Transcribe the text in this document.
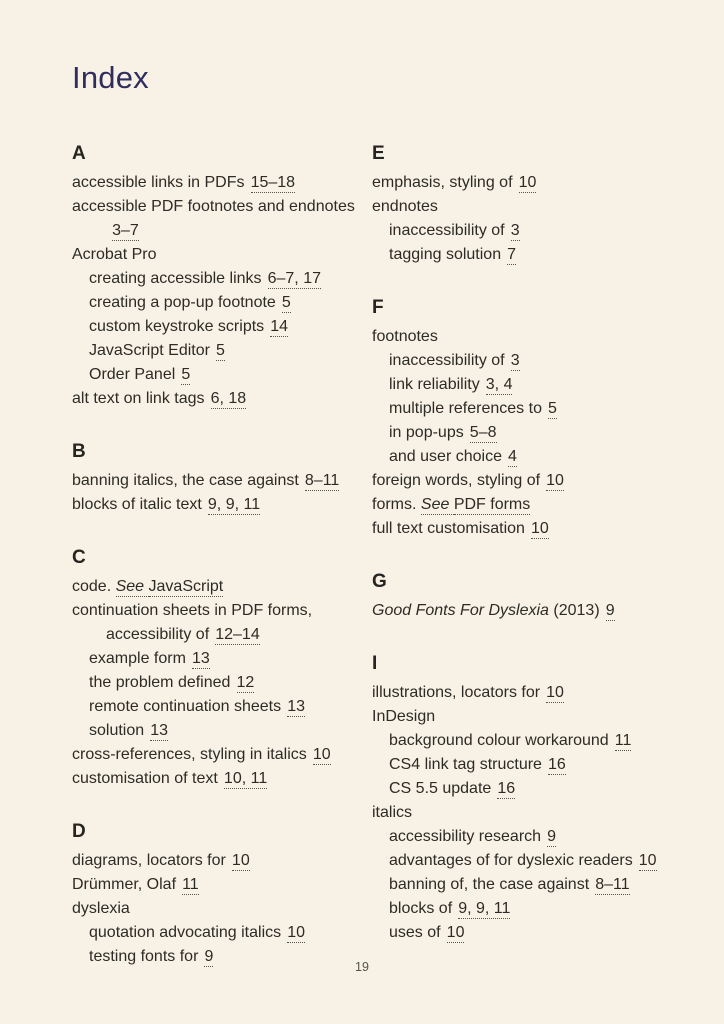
Index
A
accessible links in PDFs 15–18
accessible PDF footnotes and endnotes
3–7
Acrobat Pro
creating accessible links 6–7, 17
creating a pop-up footnote 5
custom keystroke scripts 14
JavaScript Editor 5
Order Panel 5
alt text on link tags 6, 18
B
banning italics, the case against 8–11
blocks of italic text 9, 9, 11
C
code. See JavaScript
continuation sheets in PDF forms,
accessibility of 12–14
example form 13
the problem defined 12
remote continuation sheets 13
solution 13
cross-references, styling in italics 10
customisation of text 10, 11
D
diagrams, locators for 10
Drümmer, Olaf 11
dyslexia
quotation advocating italics 10
testing fonts for 9
E
emphasis, styling of 10
endnotes
inaccessibility of 3
tagging solution 7
F
footnotes
inaccessibility of 3
link reliability 3, 4
multiple references to 5
in pop-ups 5–8
and user choice 4
foreign words, styling of 10
forms. See PDF forms
full text customisation 10
G
Good Fonts For Dyslexia (2013) 9
I
illustrations, locators for 10
InDesign
background colour workaround 11
CS4 link tag structure 16
CS 5.5 update 16
italics
accessibility research 9
advantages of for dyslexic readers 10
banning of, the case against 8–11
blocks of 9, 9, 11
uses of 10
19
